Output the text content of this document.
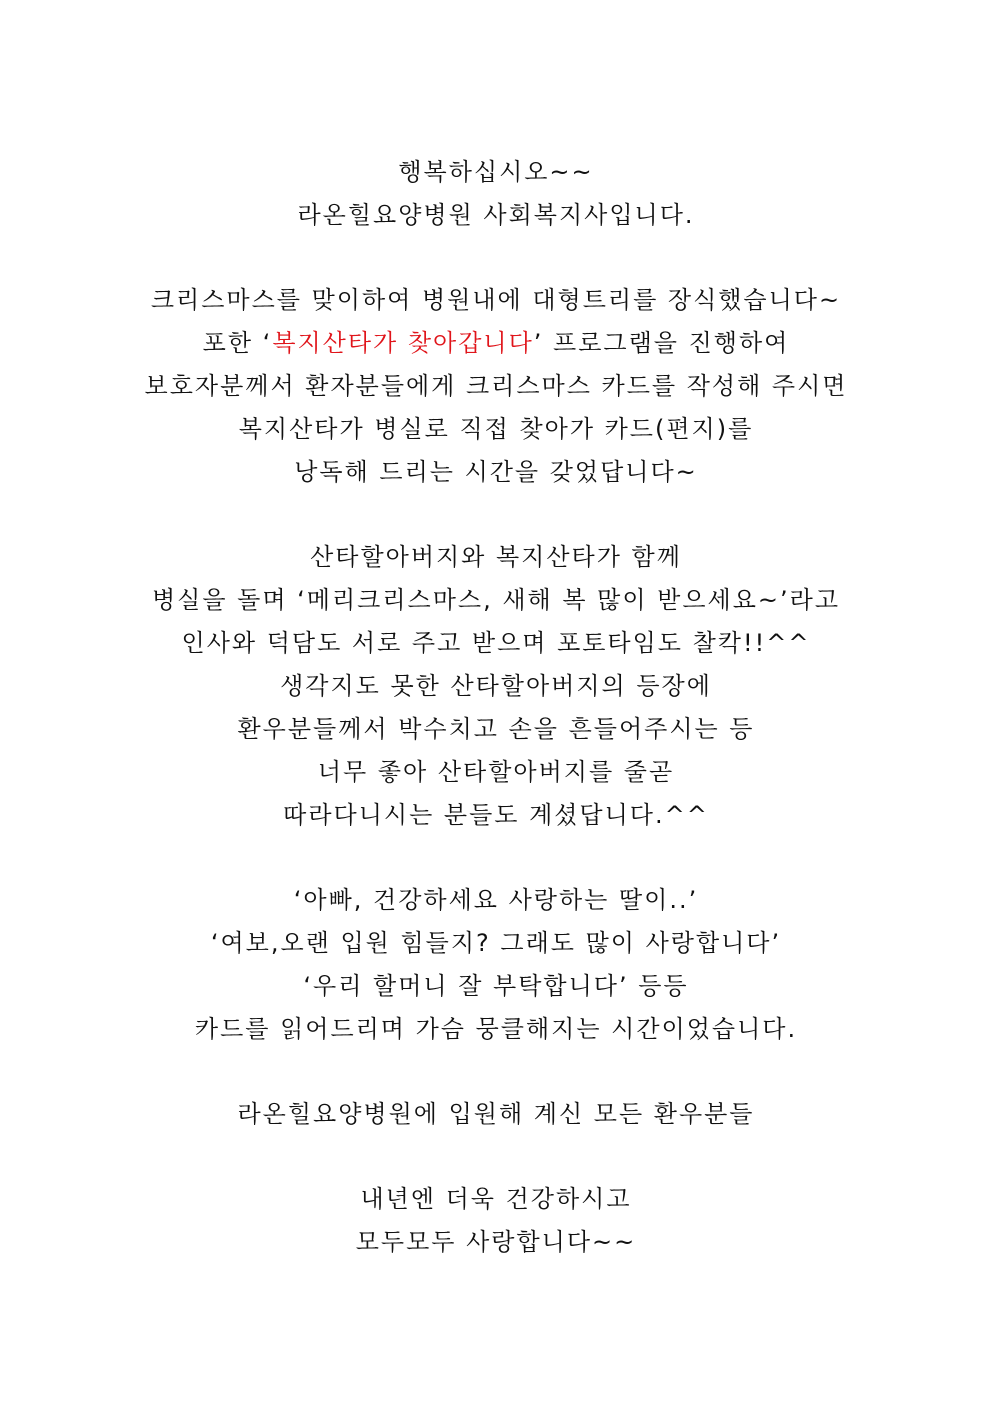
행복하십시오~~
라온힐요양병원 사회복지사입니다.
크리스마스를 맞이하여 병원내에 대형트리를 장식했습니다~
포한 ‘복지산타가 찾아갑니다’ 프로그램을 진행하여
보호자분께서 환자분들에게 크리스마스 카드를 작성해 주시면
복지산타가 병실로 직접 찾아가 카드(편지)를
낭독해 드리는 시간을 갖었답니다~
산타할아버지와 복지산타가 함께
병실을 돌며 ‘메리크리스마스, 새해 복 많이 받으세요~’라고
인사와 덕담도 서로 주고 받으며 포토타임도 찰칵!!^^
생각지도 못한 산타할아버지의 등장에
환우분들께서 박수치고 손을 흔들어주시는 등
너무 좋아 산타할아버지를 줄곧
따라다니시는 분들도 계셨답니다.^^
‘아빠, 건강하세요 사랑하는 딸이..’
‘여보,오랜 입원 힘들지? 그래도 많이 사랑합니다’
‘우리 할머니 잘 부탁합니다’ 등등
카드를 읽어드리며 가슴 뭉클해지는 시간이었습니다.
라온힐요양병원에 입원해 계신 모든 환우분들
내년엔 더욱 건강하시고
모두모두 사랑합니다~~
